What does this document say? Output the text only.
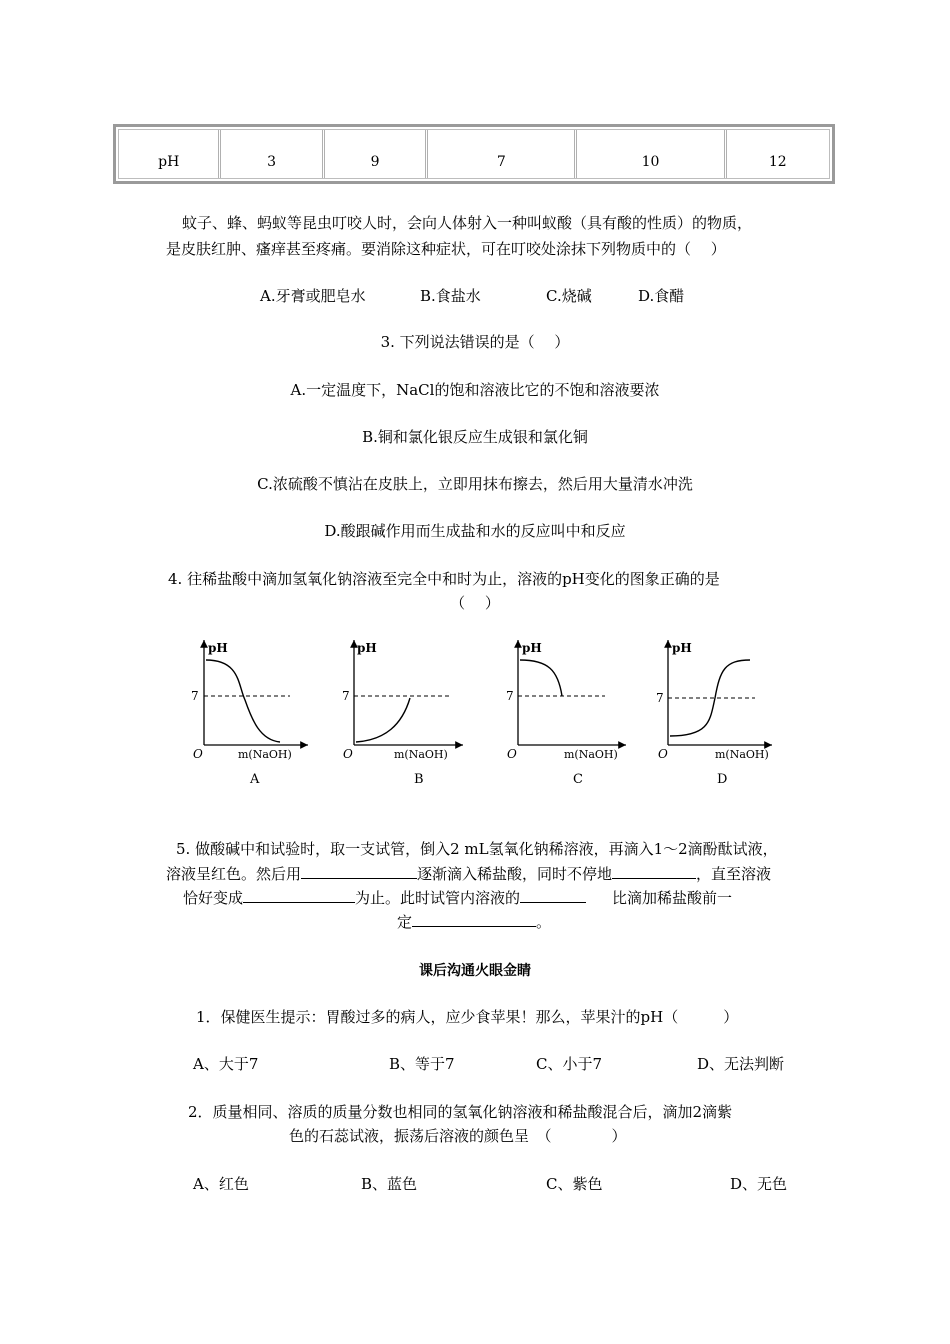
pH	3	9	7	10	12
蚊子、蜂、蚂蚁等昆虫叮咬人时，会向人体射入一种叫蚁酸（具有酸的性质）的物质，
是皮肤红肿、瘙痒甚至疼痛。要消除这种症状，可在叮咬处涂抹下列物质中的（　 ）
A.牙膏或肥皂水	B.食盐水	C.烧碱	D.食醋
3. 下列说法错误的是（　 ）
A.一定温度下，NaCl的饱和溶液比它的不饱和溶液要浓
B.铜和氯化银反应生成银和氯化铜
C.浓硫酸不慎沾在皮肤上，立即用抹布擦去，然后用大量清水冲洗
D.酸跟碱作用而生成盐和水的反应叫中和反应
4. 往稀盐酸中滴加氢氧化钠溶液至完全中和时为止，溶液的pH变化的图象正确的是
（　 ）
pH
7
O	m(NaOH)
A
pH
7
O	m(NaOH)
B
pH
7
O	m(NaOH)
C
pH
7
O	m(NaOH)
D
5. 做酸碱中和试验时，取一支试管，倒入2 mL氢氧化钠稀溶液，再滴入1～2滴酚酞试液，
溶液呈红色。然后用	逐渐滴入稀盐酸，同时不停地	，直至溶液
恰好变成	为止。此时试管内溶液的	比滴加稀盐酸前一
定	。
课后沟通火眼金睛
1．保健医生提示：胃酸过多的病人，应少食苹果！那么，苹果汁的pH（　　　）
A、大于7	B、等于7	C、小于7	D、无法判断
2．质量相同、溶质的质量分数也相同的氢氧化钠溶液和稀盐酸混合后，滴加2滴紫
色的石蕊试液，振荡后溶液的颜色呈　（　　　　）
A、红色	B、蓝色	C、紫色	D、无色
